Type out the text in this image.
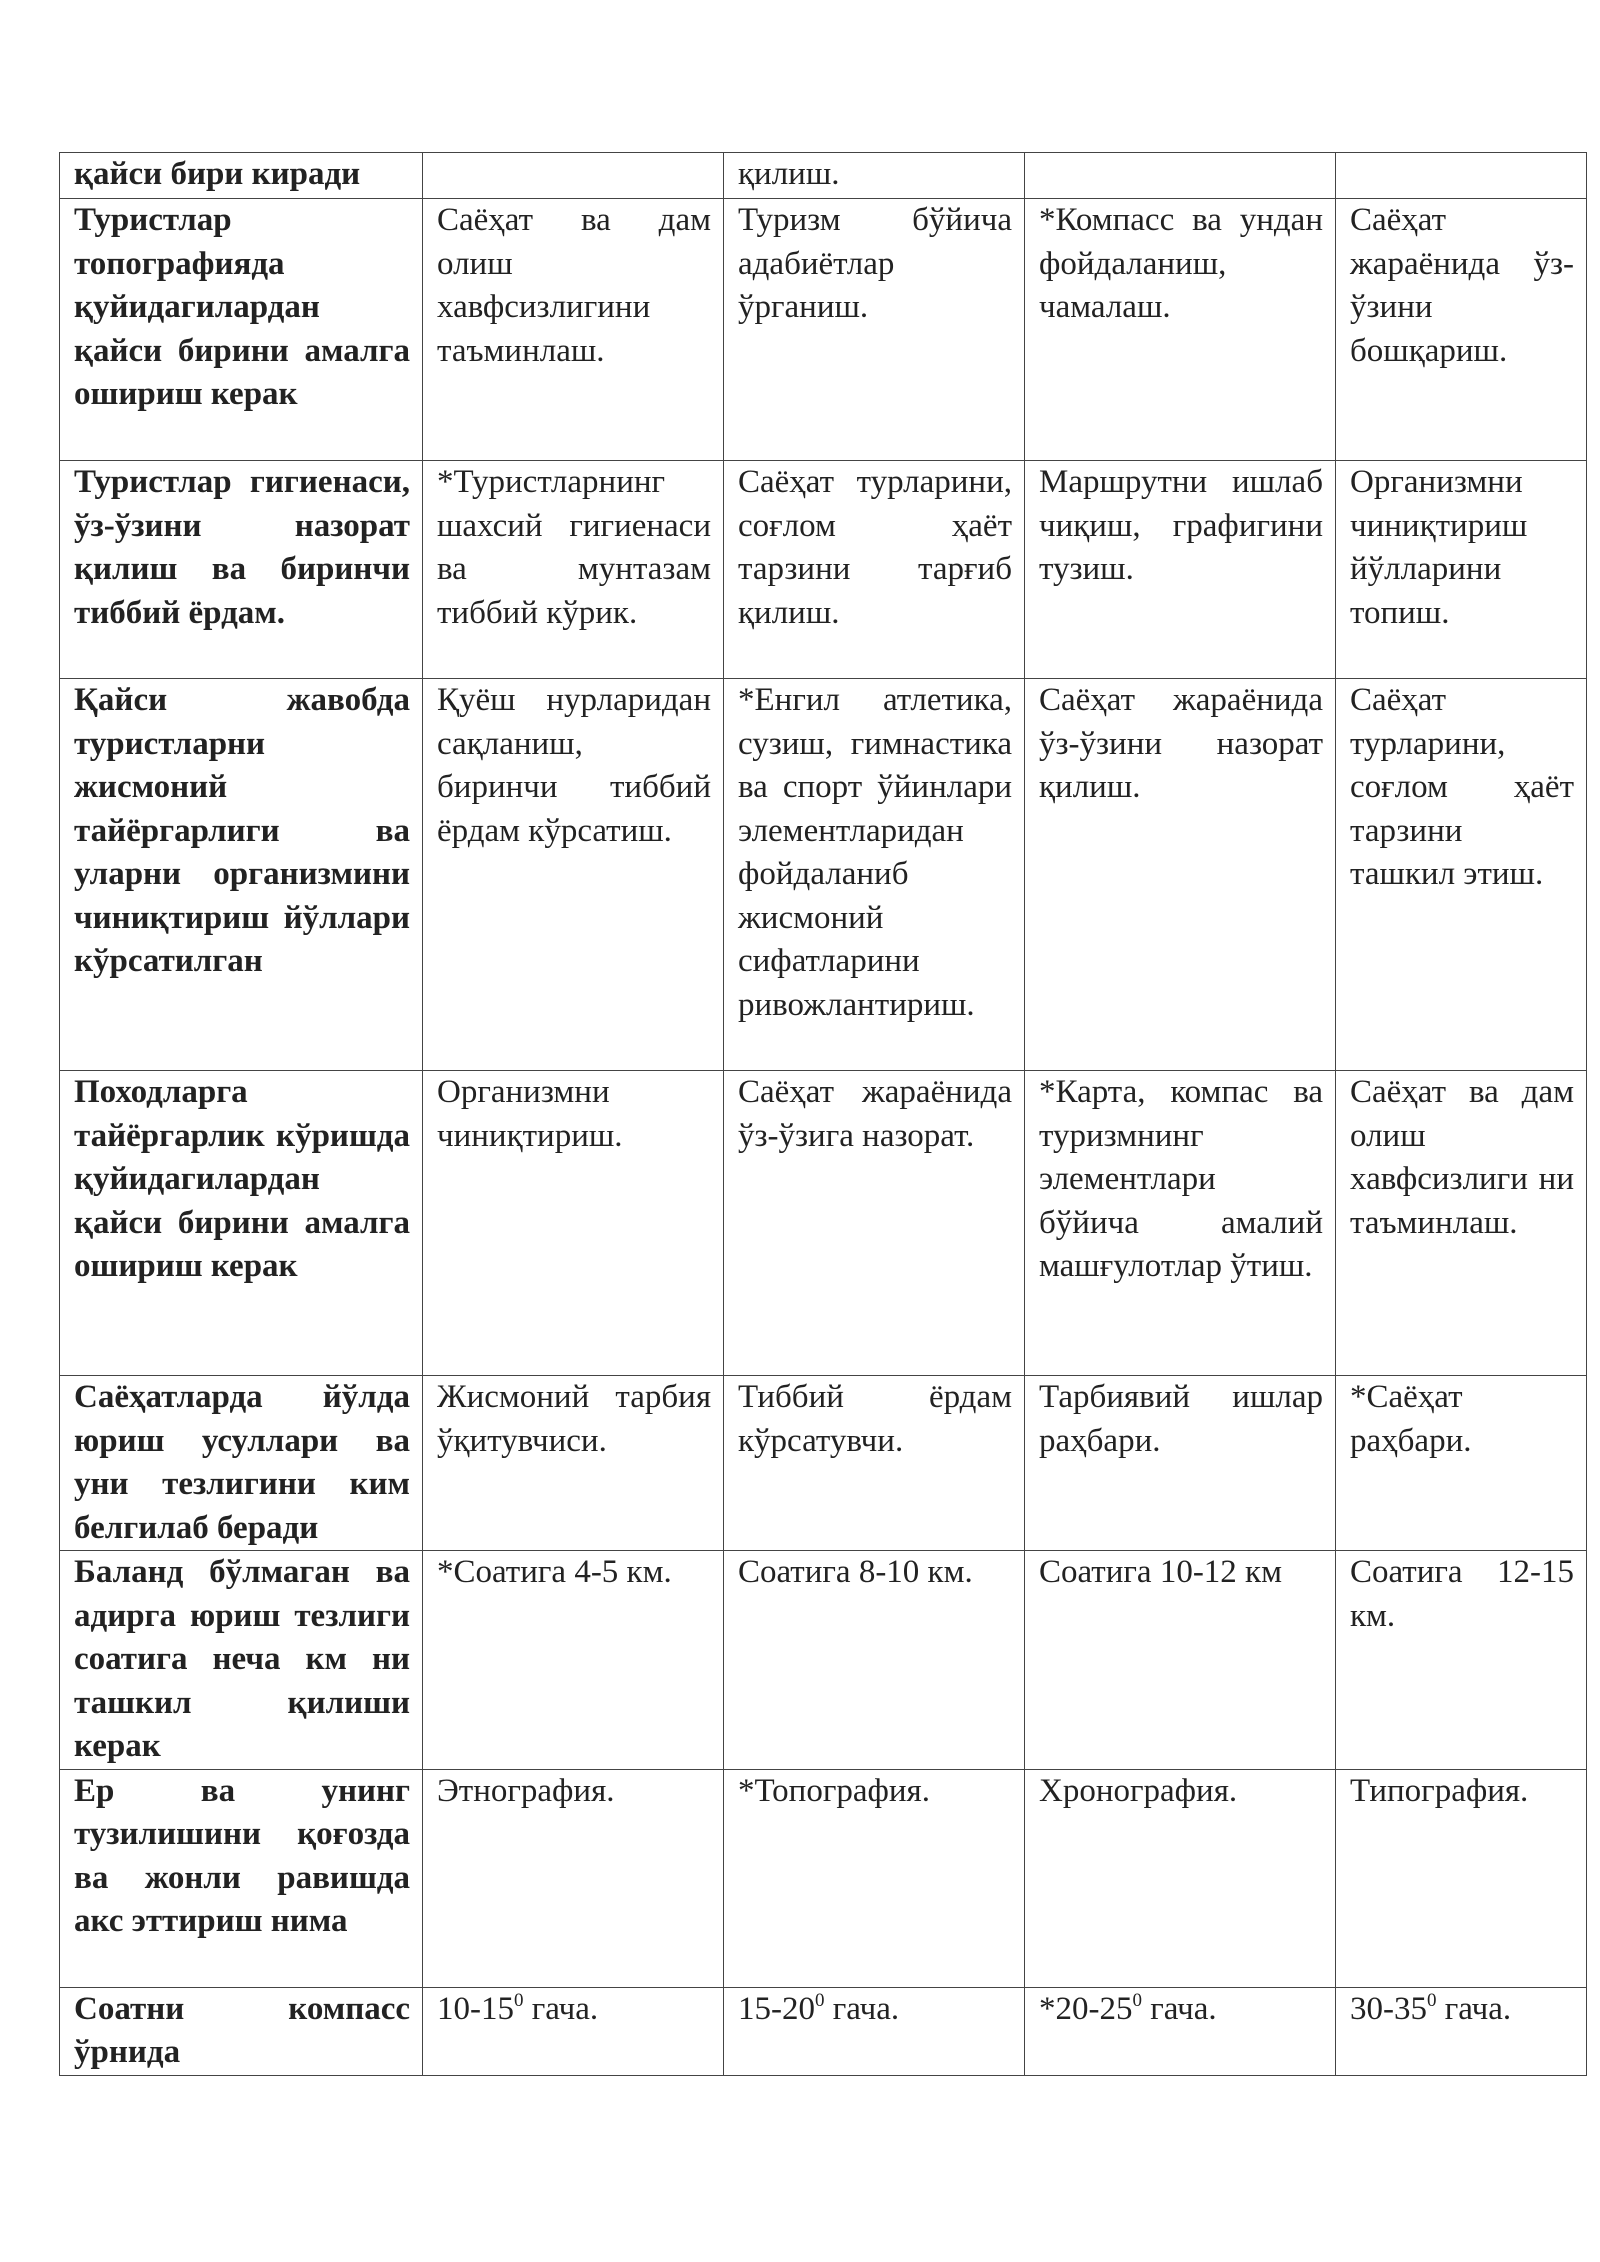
қайси бири киради		қилиш.		
Туристлар топографияда қуйидагилардан қайси бирини амалга ошириш керак	Саёҳат ва дам олиш хавфсизлигини таъминлаш.	Туризм бўйича адабиётлар ўрганиш.	*Компасс ва ундан фойдаланиш, чамалаш.	Саёҳат жараёнида ўз-ўзини бошқариш.
Туристлар гигиенаси, ўз-ўзини назорат қилиш ва биринчи тиббий ёрдам.	*Туристларнинг шахсий гигиенаси ва мунтазам тиббий кўрик.	Саёҳат турларини, соғлом ҳаёт тарзини тарғиб қилиш.	Маршрутни ишлаб чиқиш, графигини тузиш.	Организмни чиниқтириш йўлларини топиш.
Қайси жавобда туристларни жисмоний тайёргарлиги ва уларни организмини чиниқтириш йўллари кўрсатилган	Қуёш нурларидан сақланиш, биринчи тиббий ёрдам кўрсатиш.	*Енгил атлетика, сузиш, гимнастика ва спорт ўйинлари элементларидан фойдаланиб жисмоний сифатларини ривожлантириш.	Саёҳат жараёнида ўз-ўзини назорат қилиш.	Саёҳат турларини, соғлом ҳаёт тарзини ташкил этиш.
Походларга тайёргарлик кўришда қуйидагилардан қайси бирини амалга ошириш керак	Организмни чиниқтириш.	Саёҳат жараёнида ўз-ўзига назорат.	*Карта, компас ва туризмнинг элементлари бўйича амалий машғулотлар ўтиш.	Саёҳат ва дам олиш хавфсизлиги ни таъминлаш.
Саёҳатларда йўлда юриш усуллари ва уни тезлигини ким белгилаб беради	Жисмоний тарбия ўқитувчиси.	Тиббий ёрдам кўрсатувчи.	Тарбиявий ишлар раҳбари.	*Саёҳат раҳбари.
Баланд бўлмаган ва адирга юриш тезлиги соатига неча км ни ташкил қилиши керак	*Соатига 4-5 км.	Соатига 8-10 км.	Соатига 10-12 км	Соатига 12-15 км.
Ер ва унинг тузилишини қоғозда ва жонли равишда акс эттириш нима	Этнография.	*Топография.	Хронография.	Типография.
Соатни компасс ўрнида	$10-15^0$ гача.	$15-20^0$ гача.	$*20-25^0$ гача.	$30-35^0$ гача.
